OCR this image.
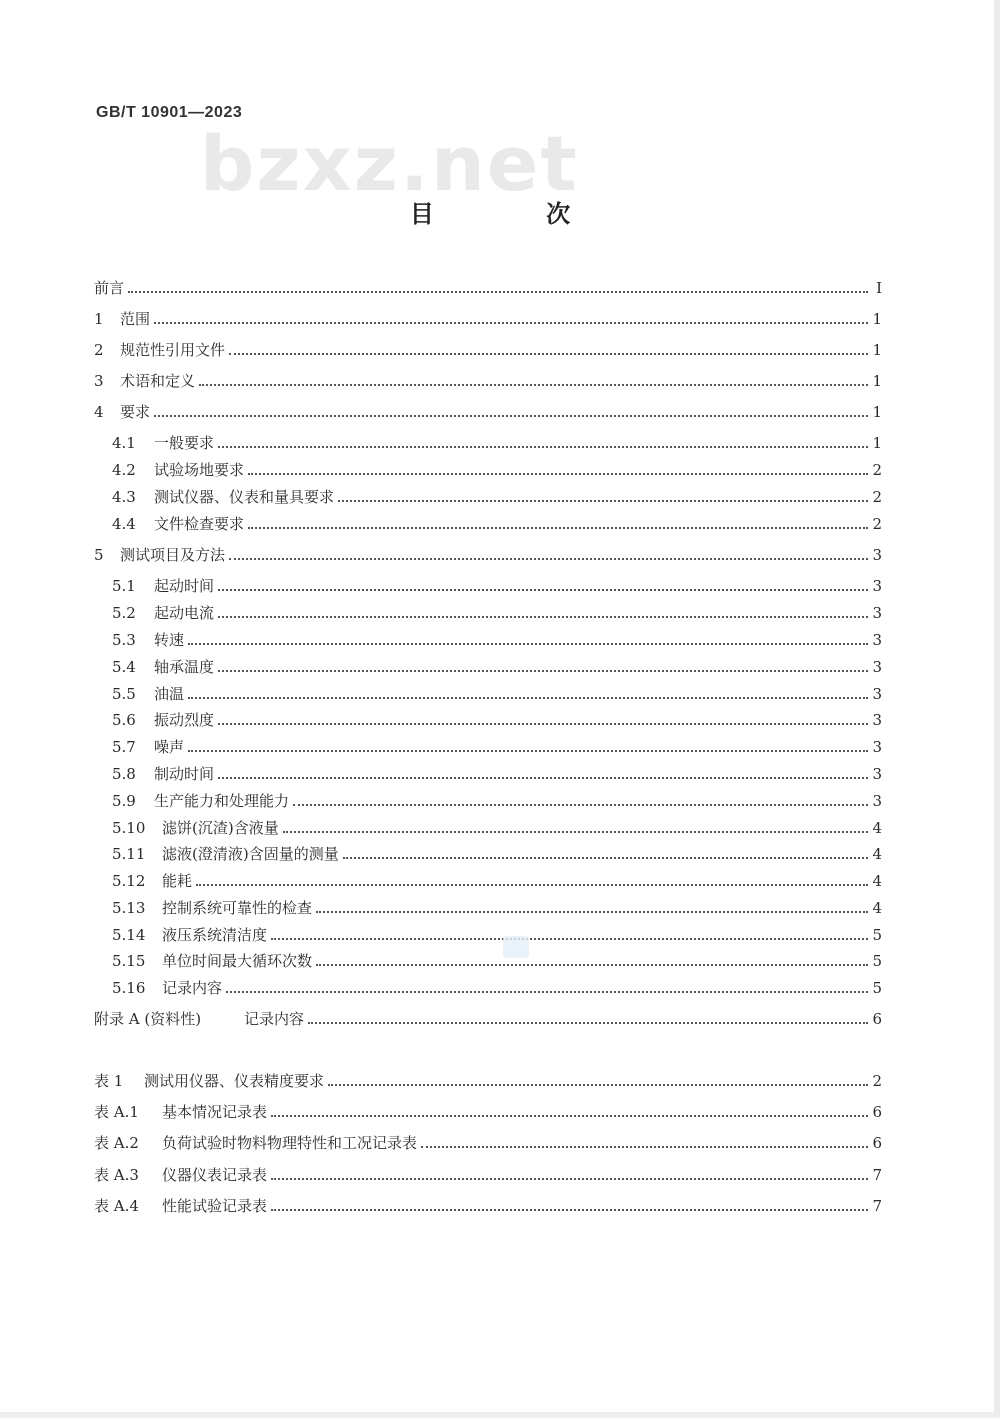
GB/T 10901—2023
bzxz.net
目 次
前言	Ⅰ
1	范围	1
2	规范性引用文件	1
3	术语和定义	1
4	要求	1
4.1	一般要求	1
4.2	试验场地要求	2
4.3	测试仪器、仪表和量具要求	2
4.4	文件检查要求	2
5	测试项目及方法	3
5.1	起动时间	3
5.2	起动电流	3
5.3	转速	3
5.4	轴承温度	3
5.5	油温	3
5.6	振动烈度	3
5.7	噪声	3
5.8	制动时间	3
5.9	生产能力和处理能力	3
5.10	滤饼(沉渣)含液量	4
5.11	滤液(澄清液)含固量的测量	4
5.12	能耗	4
5.13	控制系统可靠性的检查	4
5.14	液压系统清洁度	5
5.15	单位时间最大循环次数	5
5.16	记录内容	5
附录 A (资料性)	记录内容	6
表 1	测试用仪器、仪表精度要求	2
表 A.1	基本情况记录表	6
表 A.2	负荷试验时物料物理特性和工况记录表	6
表 A.3	仪器仪表记录表	7
表 A.4	性能试验记录表	7
